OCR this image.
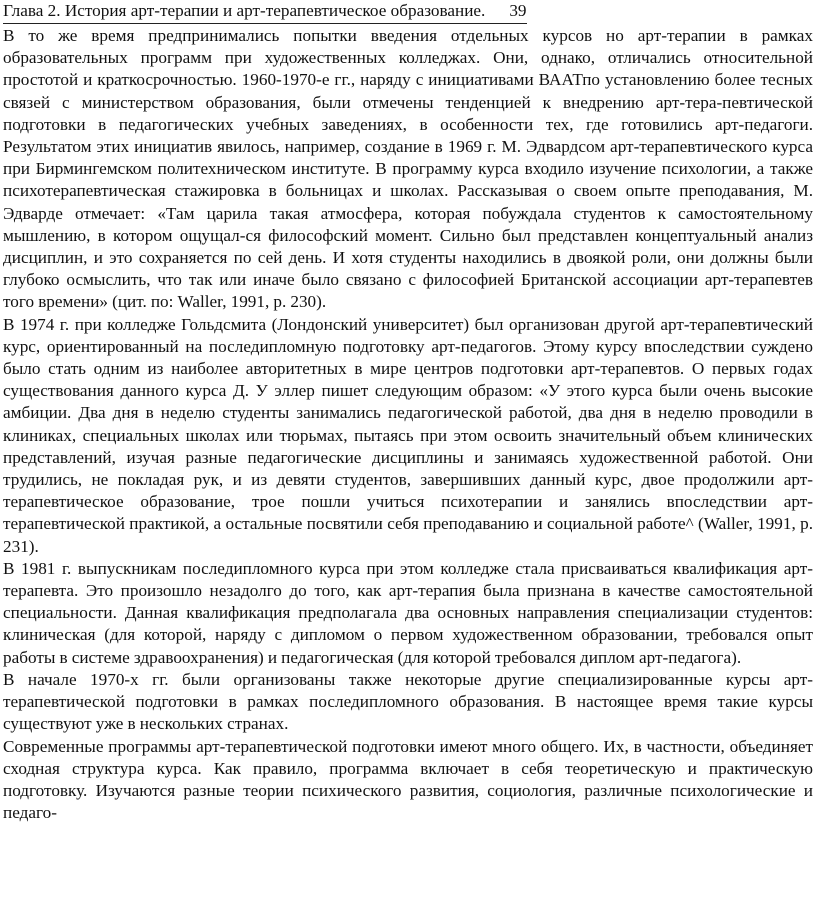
Глава 2. История арт-терапии и арт-терапевтическое образование. 39

В то же время предпринимались попытки введения отдельных курсов но арт-терапии в рамках образовательных программ при художественных колледжах. Они, однако, отличались относительной простотой и краткосрочностью. 1960-1970-е гг., наряду с инициативами ВААТпо установлению более тесных связей с министерством образования, были отмечены тенденцией к внедрению арт-тера-певтической подготовки в педагогических учебных заведениях, в особенности тех, где готовились арт-педагоги. Результатом этих инициатив явилось, например, создание в 1969 г. М. Эдвардсом арт-терапевтического курса при Бирмингемском политехническом институте. В программу курса входило изучение психологии, а также психотерапевтическая стажировка в больницах и школах. Рассказывая о своем опыте преподавания, М. Эдварде отмечает: «Там царила такая атмосфера, которая побуждала студентов к самостоятельному мышлению, в котором ощущал-ся философский момент. Сильно был представлен концептуальный анализ дисциплин, и это сохраняется по сей день. И хотя студенты находились в двоякой роли, они должны были глубоко осмыслить, что так или иначе было связано с философией Британской ассоциации арт-терапевтев того времени» (цит. по: Waller, 1991, р. 230).

В 1974 г. при колледже Гольдсмита (Лондонский университет) был организован другой арт-терапевтический курс, ориентированный на последипломную подготовку арт-педагогов. Этому курсу впоследствии суждено было стать одним из наиболее авторитетных в мире центров подготовки арт-терапевтов. О первых годах существования данного курса Д. У эллер пишет следующим образом: «У этого курса были очень высокие амбиции. Два дня в неделю студенты занимались педагогической работой, два дня в неделю проводили в клиниках, специальных школах или тюрьмах, пытаясь при этом освоить значительный объем клинических представлений, изучая разные педагогические дисциплины и занимаясь художественной работой. Они трудились, не покладая рук, и из девяти студентов, завершивших данный курс, двое продолжили арт-терапевтическое образование, трое пошли учиться психотерапии и занялись впоследствии арт-терапевтической практикой, а остальные посвятили себя преподаванию и социальной работе^ (Waller, 1991, р. 231).

В 1981 г. выпускникам последипломного курса при этом колледже стала присваиваться квалификация арт-терапевта. Это произошло незадолго до того, как арт-терапия была признана в качестве самостоятельной специальности. Данная квалификация предполагала два основных направления специализации студентов: клиническая (для которой, наряду с дипломом о первом художественном образовании, требовался опыт работы в системе здравоохранения) и педагогическая (для которой требовался диплом арт-педагога).

В начале 1970-х гг. были организованы также некоторые другие специализированные курсы арт-терапевтической подготовки в рамках последипломного образования. В настоящее время такие курсы существуют уже в нескольких странах.

Современные программы арт-терапевтической подготовки имеют много общего. Их, в частности, объединяет сходная структура курса. Как правило, программа включает в себя теоретическую и практическую подготовку. Изучаются разные теории психического развития, социология, различные психологические и педаго-
